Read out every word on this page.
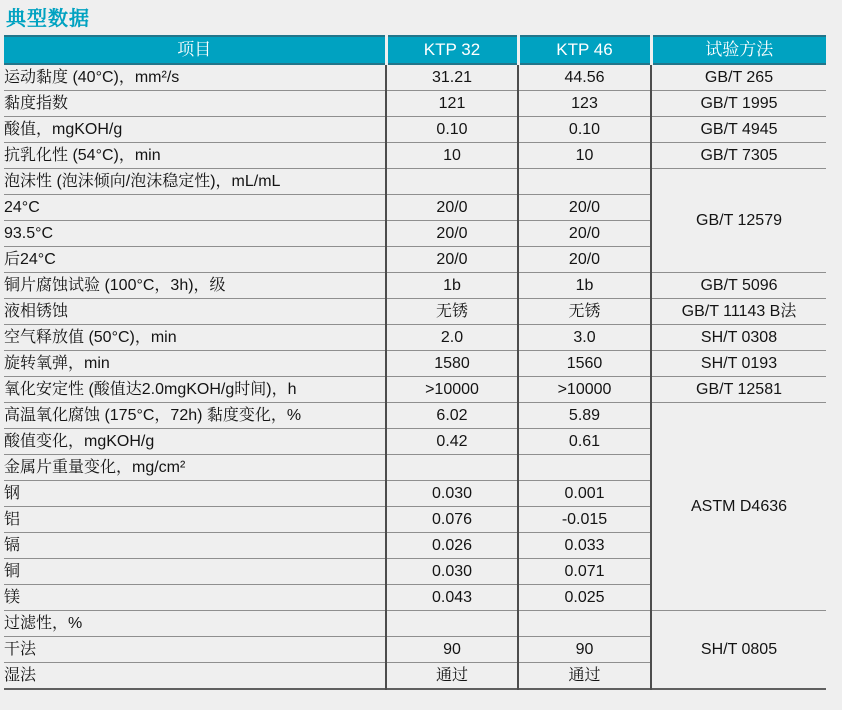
典型数据
项目	KTP 32	KTP 46	试验方法
运动黏度 (40°C)，mm²/s	31.21	44.56	GB/T 265
黏度指数	121	123	GB/T 1995
酸值，mgKOH/g	0.10	0.10	GB/T 4945
抗乳化性 (54°C)，min	10	10	GB/T 7305
泡沫性 (泡沫倾向/泡沫稳定性)，mL/mL			GB/T 12579
24°C	20/0	20/0	
93.5°C	20/0	20/0	
后24°C	20/0	20/0	
铜片腐蚀试验 (100°C，3h)，级	1b	1b	GB/T 5096
液相锈蚀	无锈	无锈	GB/T 11143 B法
空气释放值 (50°C)，min	2.0	3.0	SH/T 0308
旋转氧弹，min	1580	1560	SH/T 0193
氧化安定性 (酸值达2.0mgKOH/g时间)，h	>10000	>10000	GB/T 12581
高温氧化腐蚀 (175°C，72h) 黏度变化，%	6.02	5.89	ASTM D4636
酸值变化，mgKOH/g	0.42	0.61	
金属片重量变化，mg/cm²			
钢	0.030	0.001	
铝	0.076	-0.015	
镉	0.026	0.033	
铜	0.030	0.071	
镁	0.043	0.025	
过滤性，%			SH/T 0805
干法	90	90	
湿法	通过	通过	
